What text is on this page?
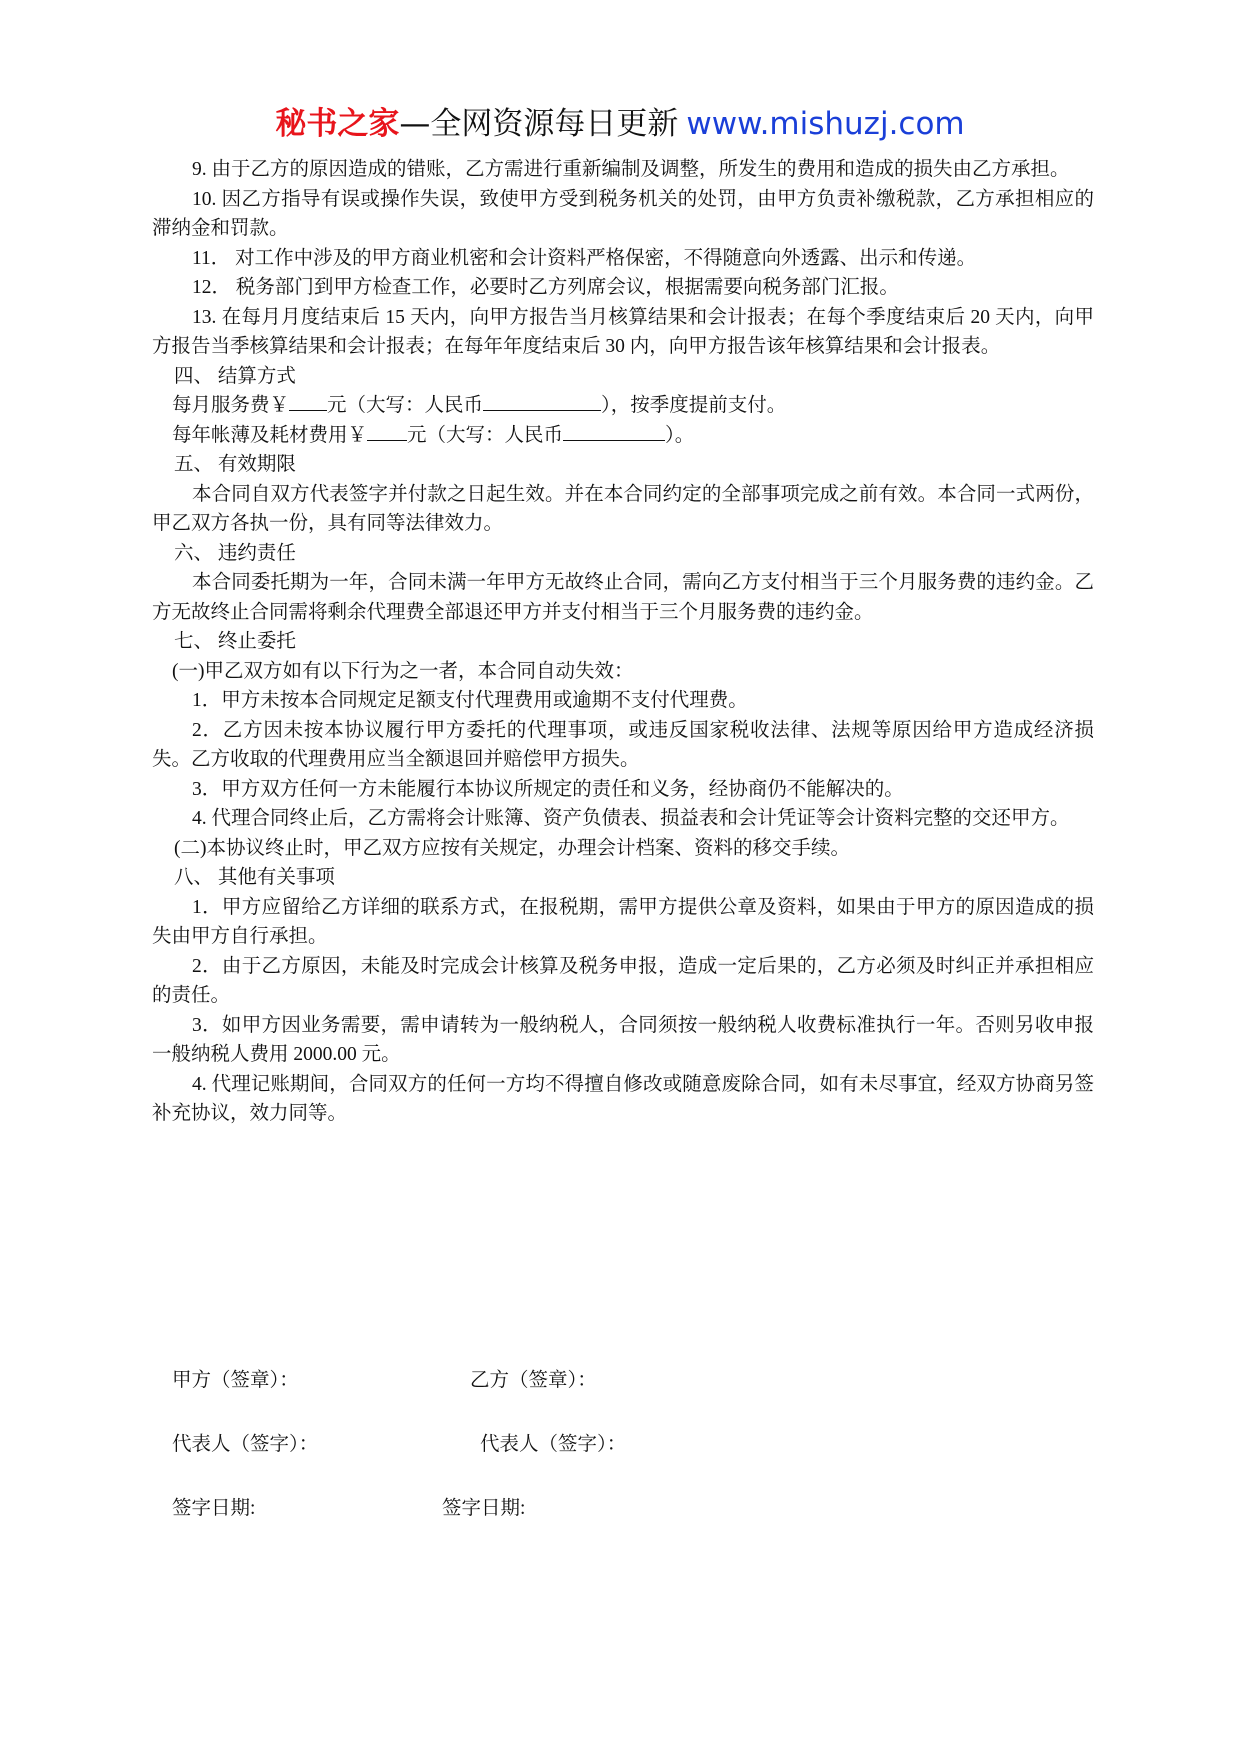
秘书之家—全网资源每日更新 www.mishuzj.com

9. 由于乙方的原因造成的错账，乙方需进行重新编制及调整，所发生的费用和造成的损失由乙方承担。

10. 因乙方指导有误或操作失误，致使甲方受到税务机关的处罚，由甲方负责补缴税款，乙方承担相应的滞纳金和罚款。

11． 对工作中涉及的甲方商业机密和会计资料严格保密，不得随意向外透露、出示和传递。

12． 税务部门到甲方检查工作，必要时乙方列席会议，根据需要向税务部门汇报。

13. 在每月月度结束后 15 天内，向甲方报告当月核算结果和会计报表；在每个季度结束后 20 天内，向甲方报告当季核算结果和会计报表；在每年年度结束后 30 内，向甲方报告该年核算结果和会计报表。

四、 结算方式

每月服务费￥ 元（大写：人民币	），按季度提前支付。

每年帐薄及耗材费用￥ 元（大写：人民币	）。

五、 有效期限

本合同自双方代表签字并付款之日起生效。并在本合同约定的全部事项完成之前有效。本合同一式两份，甲乙双方各执一份，具有同等法律效力。

六、 违约责任

本合同委托期为一年，合同未满一年甲方无故终止合同，需向乙方支付相当于三个月服务费的违约金。乙方无故终止合同需将剩余代理费全部退还甲方并支付相当于三个月服务费的违约金。

七、 终止委托

(一)甲乙双方如有以下行为之一者，本合同自动失效：

1．甲方未按本合同规定足额支付代理费用或逾期不支付代理费。

2．乙方因未按本协议履行甲方委托的代理事项，或违反国家税收法律、法规等原因给甲方造成经济损失。乙方收取的代理费用应当全额退回并赔偿甲方损失。

3．甲方双方任何一方未能履行本协议所规定的责任和义务，经协商仍不能解决的。

4. 代理合同终止后，乙方需将会计账簿、资产负债表、损益表和会计凭证等会计资料完整的交还甲方。

(二)本协议终止时，甲乙双方应按有关规定，办理会计档案、资料的移交手续。

八、 其他有关事项

1．甲方应留给乙方详细的联系方式，在报税期，需甲方提供公章及资料，如果由于甲方的原因造成的损失由甲方自行承担。

2．由于乙方原因，未能及时完成会计核算及税务申报，造成一定后果的，乙方必须及时纠正并承担相应的责任。

3．如甲方因业务需要，需申请转为一般纳税人，合同须按一般纳税人收费标准执行一年。否则另收申报一般纳税人费用 2000.00 元。

4. 代理记账期间，合同双方的任何一方均不得擅自修改或随意废除合同，如有未尽事宜，经双方协商另签补充协议，效力同等。

甲方（签章）：	乙方（签章）：
代表人（签字）：	代表人（签字）：
签字日期:	签字日期:
